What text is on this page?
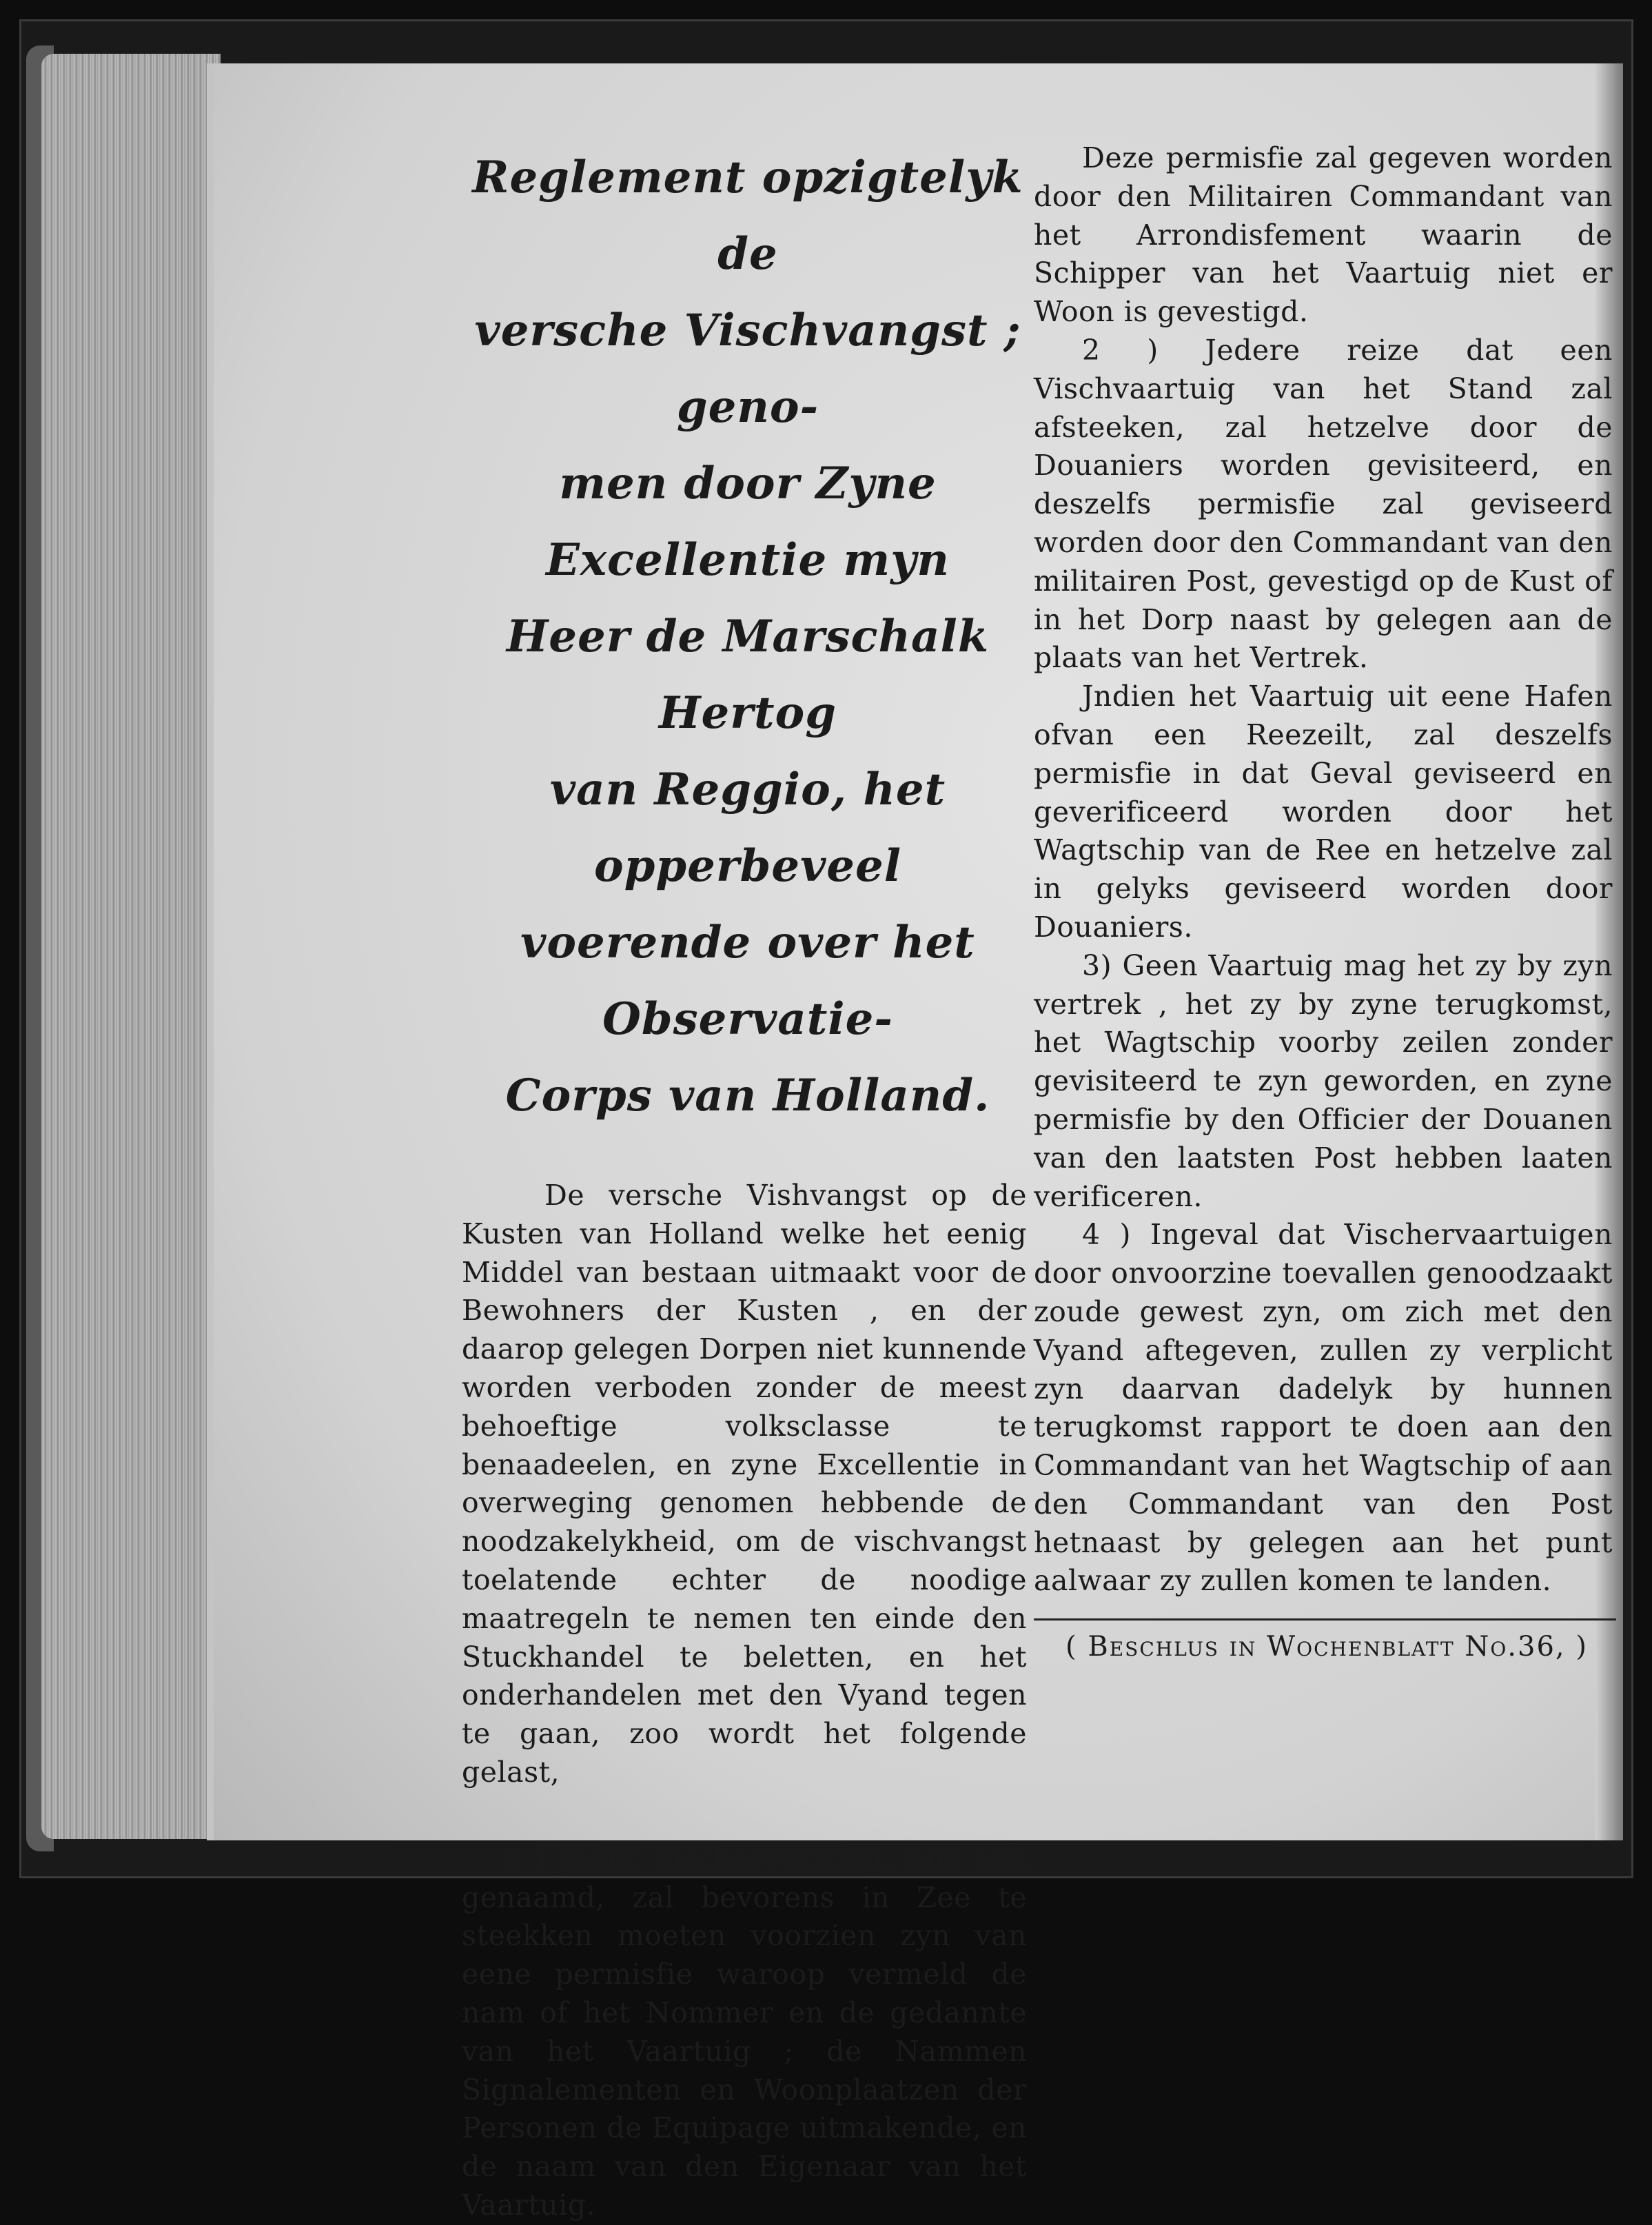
Reglement opzigtelyk de
versche Vischvangst ; geno-
men door Zyne Excellentie myn
Heer de Marschalk Hertog
van Reggio, het opperbeveel
voerende over het Observatie-
Corps van Holland.

De versche Vishvangst op de Kusten van Holland welke het eenig Middel van bestaan uitmaakt voor de Bewohners der Kusten , en der daarop gelegen Dorpen niet kunnende worden verboden zonder de meest behoeftige volksclasse te benaadeelen, en zyne Excellentie in overweging genomen hebbende de noodzakelykheid, om de vischvangst toelatende echter de noodige maatregeln te nemen ten einde den Stuckhandel te beletten, en het onderhandelen met den Vyand tegen te gaan, zoo wordt het folgende gelast,

1 ) Jeder Vischersvartuig, hoe ook genaamd, zal bevorens in Zee te steekken moeten voorzien zyn van eene permisfie waroop vermeld de nam of het Nommer en de gedannte van het Vaartuig ; de Nammen Signalementen en Woonplaatzen der Personen de Equipage uitmakende, en de naam van den Eigenaar van het Vaartuig.

Deze permisfie zal gegeven worden door den Militairen Commandant van het Arrondisfement waarin de Schipper van het Vaartuig niet er Woon is gevestigd.

2 ) Jedere reize dat een Vischvaartuig van het Stand zal afsteeken, zal hetzelve door de Douaniers worden gevisiteerd, en deszelfs permisfie zal geviseerd worden door den Commandant van den militairen Post, gevestigd op de Kust of in het Dorp naast by gelegen aan de plaats van het Vertrek.

Jndien het Vaartuig uit eene Hafen ofvan een Reezeilt, zal deszelfs permisfie in dat Geval geviseerd en geverificeerd worden door het Wagtschip van de Ree en hetzelve zal in gelyks geviseerd worden door Douaniers.

3) Geen Vaartuig mag het zy by zyn vertrek , het zy by zyne terugkomst, het Wagtschip voorby zeilen zonder gevisiteerd te zyn geworden, en zyne permisfie by den Officier der Douanen van den laatsten Post hebben laaten verificeren.

4 ) Ingeval dat Vischervaartuigen door onvoorzine toevallen genoodzaakt zoude gewest zyn, om zich met den Vyand aftegeven, zullen zy verplicht zyn daarvan dadelyk by hunnen terugkomst rapport te doen aan den Commandant van het Wagtschip of aan den Commandant van den Post hetnaast by gelegen aan het punt aalwaar zy zullen komen te landen.

( Beschlus in Wochenblatt No.36, )
